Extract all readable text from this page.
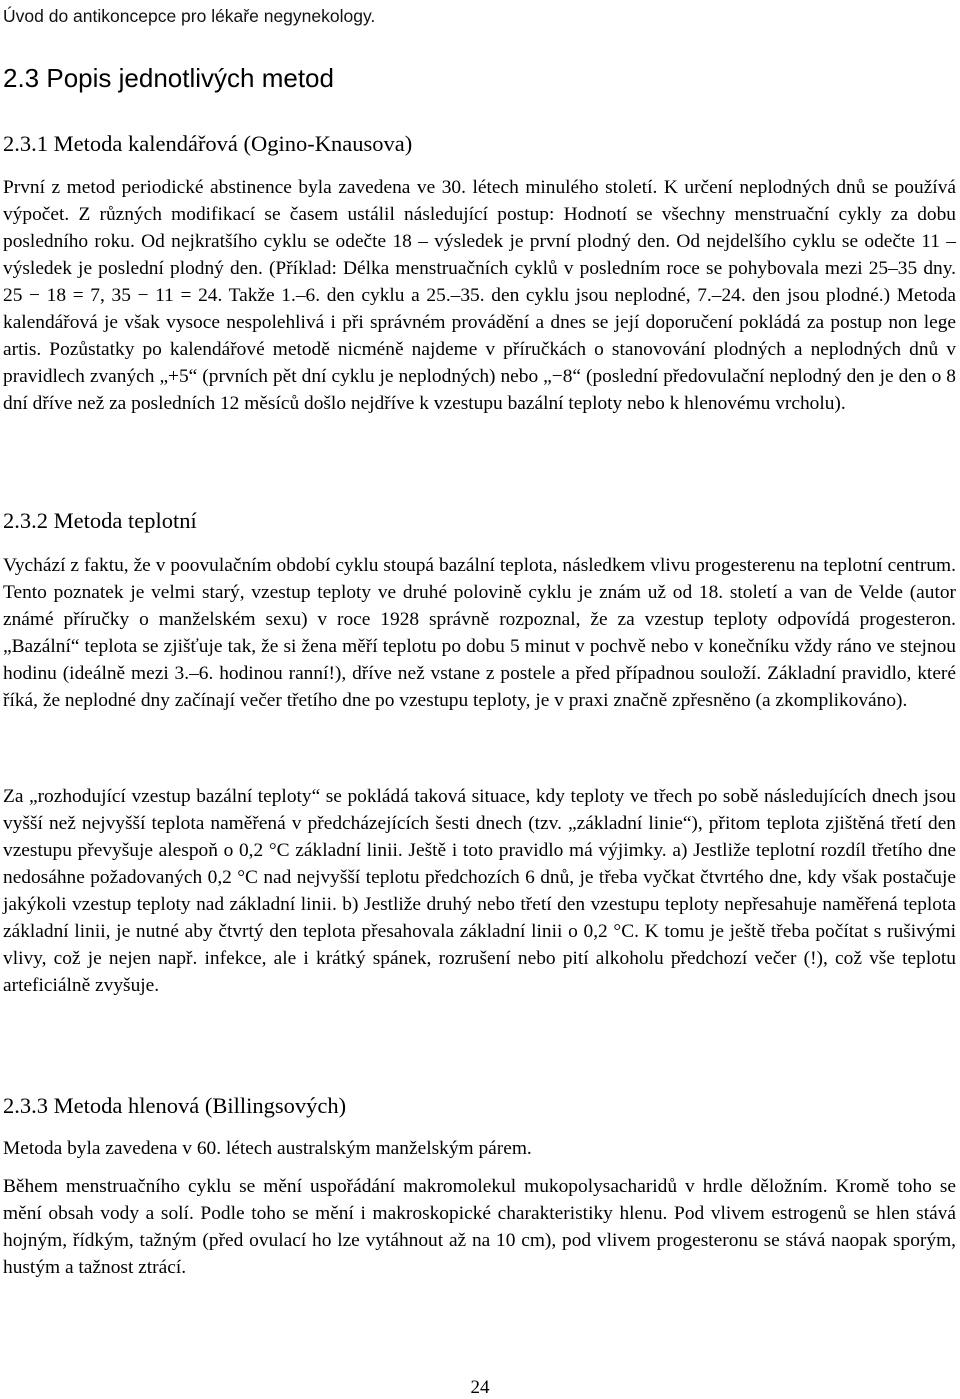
Úvod do antikoncepce pro lékaře negynekology.

2.3 Popis jednotlivých metod
2.3.1 Metoda kalendářová (Ogino-Knausova)

První z metod periodické abstinence byla zavedena ve 30. létech minulého století. K určení neplodných dnů se používá výpočet. Z různých modifikací se časem ustálil následující postup: Hodnotí se všechny menstruační cykly za dobu posledního roku. Od nejkratšího cyklu se odečte 18 – výsledek je první plodný den. Od nejdelšího cyklu se odečte 11 – výsledek je poslední plodný den. (Příklad: Délka menstruačních cyklů v posledním roce se pohybovala mezi 25–35 dny. 25 − 18 = 7, 35 − 11 = 24. Takže 1.–6. den cyklu a 25.–35. den cyklu jsou neplodné, 7.–24. den jsou plodné.) Metoda kalendářová je však vysoce nespolehlivá i při správném provádění a dnes se její doporučení pokládá za postup non lege artis. Pozůstatky po kalendářové metodě nicméně najdeme v příručkách o stanovování plodných a neplodných dnů v pravidlech zvaných „+5“ (prvních pět dní cyklu je neplodných) nebo „−8“ (poslední předovulační neplodný den je den o 8 dní dříve než za posledních 12 měsíců došlo nejdříve k vzestupu bazální teploty nebo k hlenovému vrcholu).

2.3.2 Metoda teplotní

Vychází z faktu, že v poovulačním období cyklu stoupá bazální teplota, následkem vlivu progesterenu na teplotní centrum. Tento poznatek je velmi starý, vzestup teploty ve druhé polovině cyklu je znám už od 18. století a van de Velde (autor známé příručky o manželském sexu) v roce 1928 správně rozpoznal, že za vzestup teploty odpovídá progesteron. „Bazální“ teplota se zjišťuje tak, že si žena měří teplotu po dobu 5 minut v pochvě nebo v konečníku vždy ráno ve stejnou hodinu (ideálně mezi 3.–6. hodinou ranní!), dříve než vstane z postele a před případnou souloží. Základní pravidlo, které říká, že neplodné dny začínají večer třetího dne po vzestupu teploty, je v praxi značně zpřesněno (a zkomplikováno).

Za „rozhodující vzestup bazální teploty“ se pokládá taková situace, kdy teploty ve třech po sobě následujících dnech jsou vyšší než nejvyšší teplota naměřená v předcházejících šesti dnech (tzv. „základní linie“), přitom teplota zjištěná třetí den vzestupu převyšuje alespoň o 0,2 °C základní linii. Ještě i toto pravidlo má výjimky. a) Jestliže teplotní rozdíl třetího dne nedosáhne požadovaných 0,2 °C nad nejvyšší teplotu předchozích 6 dnů, je třeba vyčkat čtvrtého dne, kdy však postačuje jakýkoli vzestup teploty nad základní linii. b) Jestliže druhý nebo třetí den vzestupu teploty nepřesahuje naměřená teplota základní linii, je nutné aby čtvrtý den teplota přesahovala základní linii o 0,2 °C. K tomu je ještě třeba počítat s rušivými vlivy, což je nejen např. infekce, ale i krátký spánek, rozrušení nebo pití alkoholu předchozí večer (!), což vše teplotu arteficiálně zvyšuje.

2.3.3 Metoda hlenová (Billingsových)

Metoda byla zavedena v 60. létech australským manželským párem.

Během menstruačního cyklu se mění uspořádání makromolekul mukopolysacharidů v hrdle děložním. Kromě toho se mění obsah vody a solí. Podle toho se mění i makroskopické charakteristiky hlenu. Pod vlivem estrogenů se hlen stává hojným, řídkým, tažným (před ovulací ho lze vytáhnout až na 10 cm), pod vlivem progesteronu se stává naopak sporým, hustým a tažnost ztrácí.

24
